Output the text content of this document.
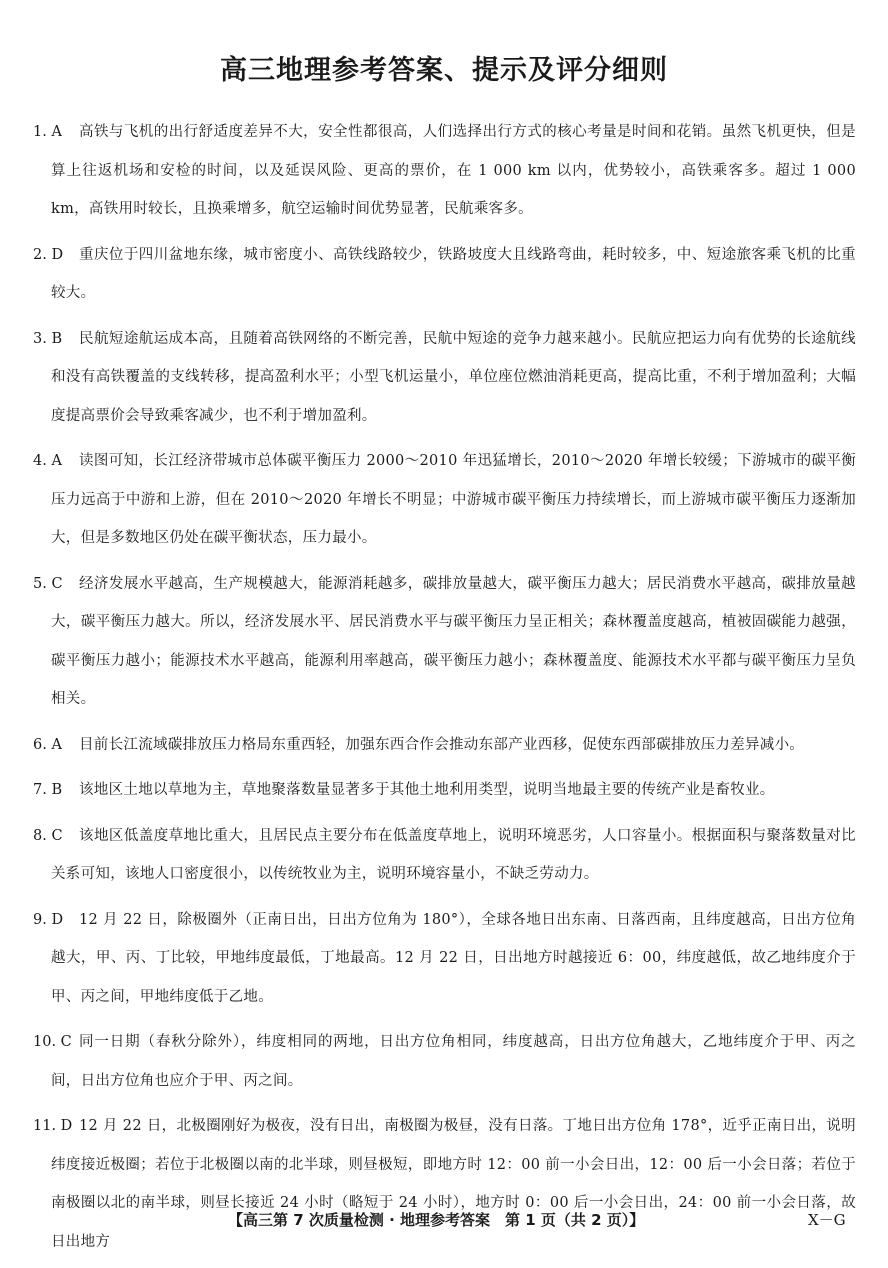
高三地理参考答案、提示及评分细则
1. A	高铁与飞机的出行舒适度差异不大，安全性都很高，人们选择出行方式的核心考量是时间和花销。虽然飞机更快，但是算上往返机场和安检的时间，以及延误风险、更高的票价，在 1 000 km 以内，优势较小，高铁乘客多。超过 1 000 km，高铁用时较长，且换乘增多，航空运输时间优势显著，民航乘客多。
2. D	重庆位于四川盆地东缘，城市密度小、高铁线路较少，铁路坡度大且线路弯曲，耗时较多，中、短途旅客乘飞机的比重较大。
3. B	民航短途航运成本高，且随着高铁网络的不断完善，民航中短途的竞争力越来越小。民航应把运力向有优势的长途航线和没有高铁覆盖的支线转移，提高盈利水平；小型飞机运量小，单位座位燃油消耗更高，提高比重，不利于增加盈利；大幅度提高票价会导致乘客减少，也不利于增加盈利。
4. A	读图可知，长江经济带城市总体碳平衡压力 2000～2010 年迅猛增长，2010～2020 年增长较缓；下游城市的碳平衡压力远高于中游和上游，但在 2010～2020 年增长不明显；中游城市碳平衡压力持续增长，而上游城市碳平衡压力逐渐加大，但是多数地区仍处在碳平衡状态，压力最小。
5. C	经济发展水平越高，生产规模越大，能源消耗越多，碳排放量越大，碳平衡压力越大；居民消费水平越高，碳排放量越大，碳平衡压力越大。所以，经济发展水平、居民消费水平与碳平衡压力呈正相关；森林覆盖度越高，植被固碳能力越强，碳平衡压力越小；能源技术水平越高，能源利用率越高，碳平衡压力越小；森林覆盖度、能源技术水平都与碳平衡压力呈负相关。
6. A	目前长江流域碳排放压力格局东重西轻，加强东西合作会推动东部产业西移，促使东西部碳排放压力差异减小。
7. B	该地区土地以草地为主，草地聚落数量显著多于其他土地利用类型，说明当地最主要的传统产业是畜牧业。
8. C	该地区低盖度草地比重大，且居民点主要分布在低盖度草地上，说明环境恶劣，人口容量小。根据面积与聚落数量对比关系可知，该地人口密度很小，以传统牧业为主，说明环境容量小，不缺乏劳动力。
9. D	12 月 22 日，除极圈外（正南日出，日出方位角为 180°），全球各地日出东南、日落西南，且纬度越高，日出方位角越大，甲、丙、丁比较，甲地纬度最低，丁地最高。12 月 22 日，日出地方时越接近 6：00，纬度越低，故乙地纬度介于甲、丙之间，甲地纬度低于乙地。
10. C 同一日期（春秋分除外），纬度相同的两地，日出方位角相同，纬度越高，日出方位角越大，乙地纬度介于甲、丙之间，日出方位角也应介于甲、丙之间。
11. D 12 月 22 日，北极圈刚好为极夜，没有日出，南极圈为极昼，没有日落。丁地日出方位角 178°，近乎正南日出，说明纬度接近极圈；若位于北极圈以南的北半球，则昼极短，即地方时 12：00 前一小会日出，12：00 后一小会日落；若位于南极圈以北的南半球，则昼长接近 24 小时（略短于 24 小时），地方时 0：00 后一小会日出，24：00 前一小会日落，故日出地方
【高三第 7 次质量检测 · 地理参考答案　第 1 页（共 2 页）】	X－G
